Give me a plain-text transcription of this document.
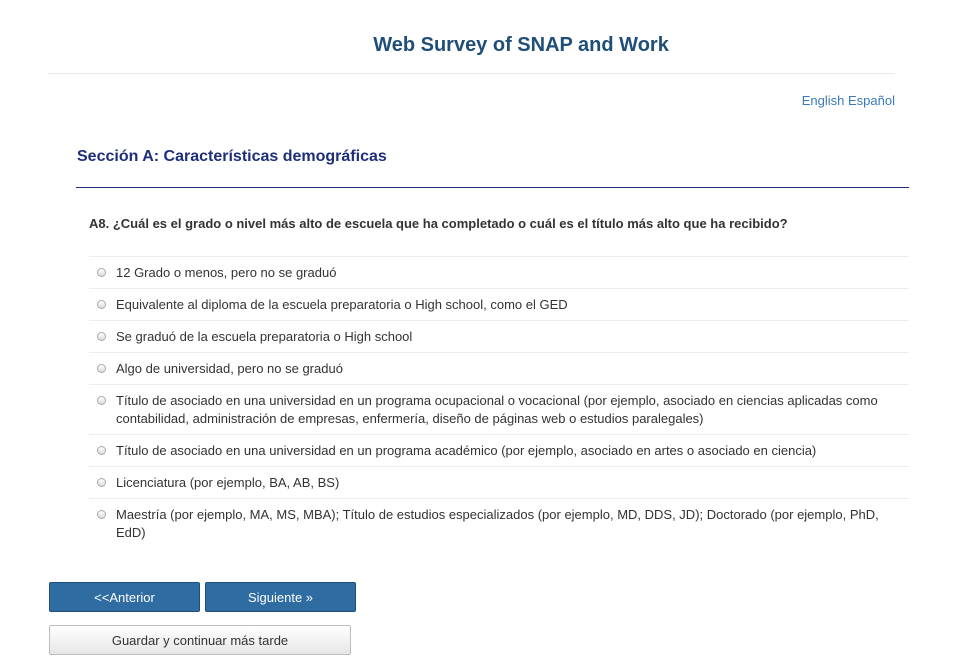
Web Survey of SNAP and Work
English Español
Sección A: Características demográficas

A8. ¿Cuál es el grado o nivel más alto de escuela que ha completado o cuál es el título más alto que ha recibido?

12 Grado o menos, pero no se graduó
Equivalente al diploma de la escuela preparatoria o High school, como el GED
Se graduó de la escuela preparatoria o High school
Algo de universidad, pero no se graduó
Título de asociado en una universidad en un programa ocupacional o vocacional (por ejemplo, asociado en ciencias aplicadas como contabilidad, administración de empresas, enfermería, diseño de páginas web o estudios paralegales)
Título de asociado en una universidad en un programa académico (por ejemplo, asociado en artes o asociado en ciencia)
Licenciatura (por ejemplo, BA, AB, BS)
Maestría (por ejemplo, MA, MS, MBA); Título de estudios especializados (por ejemplo, MD, DDS, JD); Doctorado (por ejemplo, PhD, EdD)
<<Anterior	Siguiente »
Guardar y continuar más tarde
